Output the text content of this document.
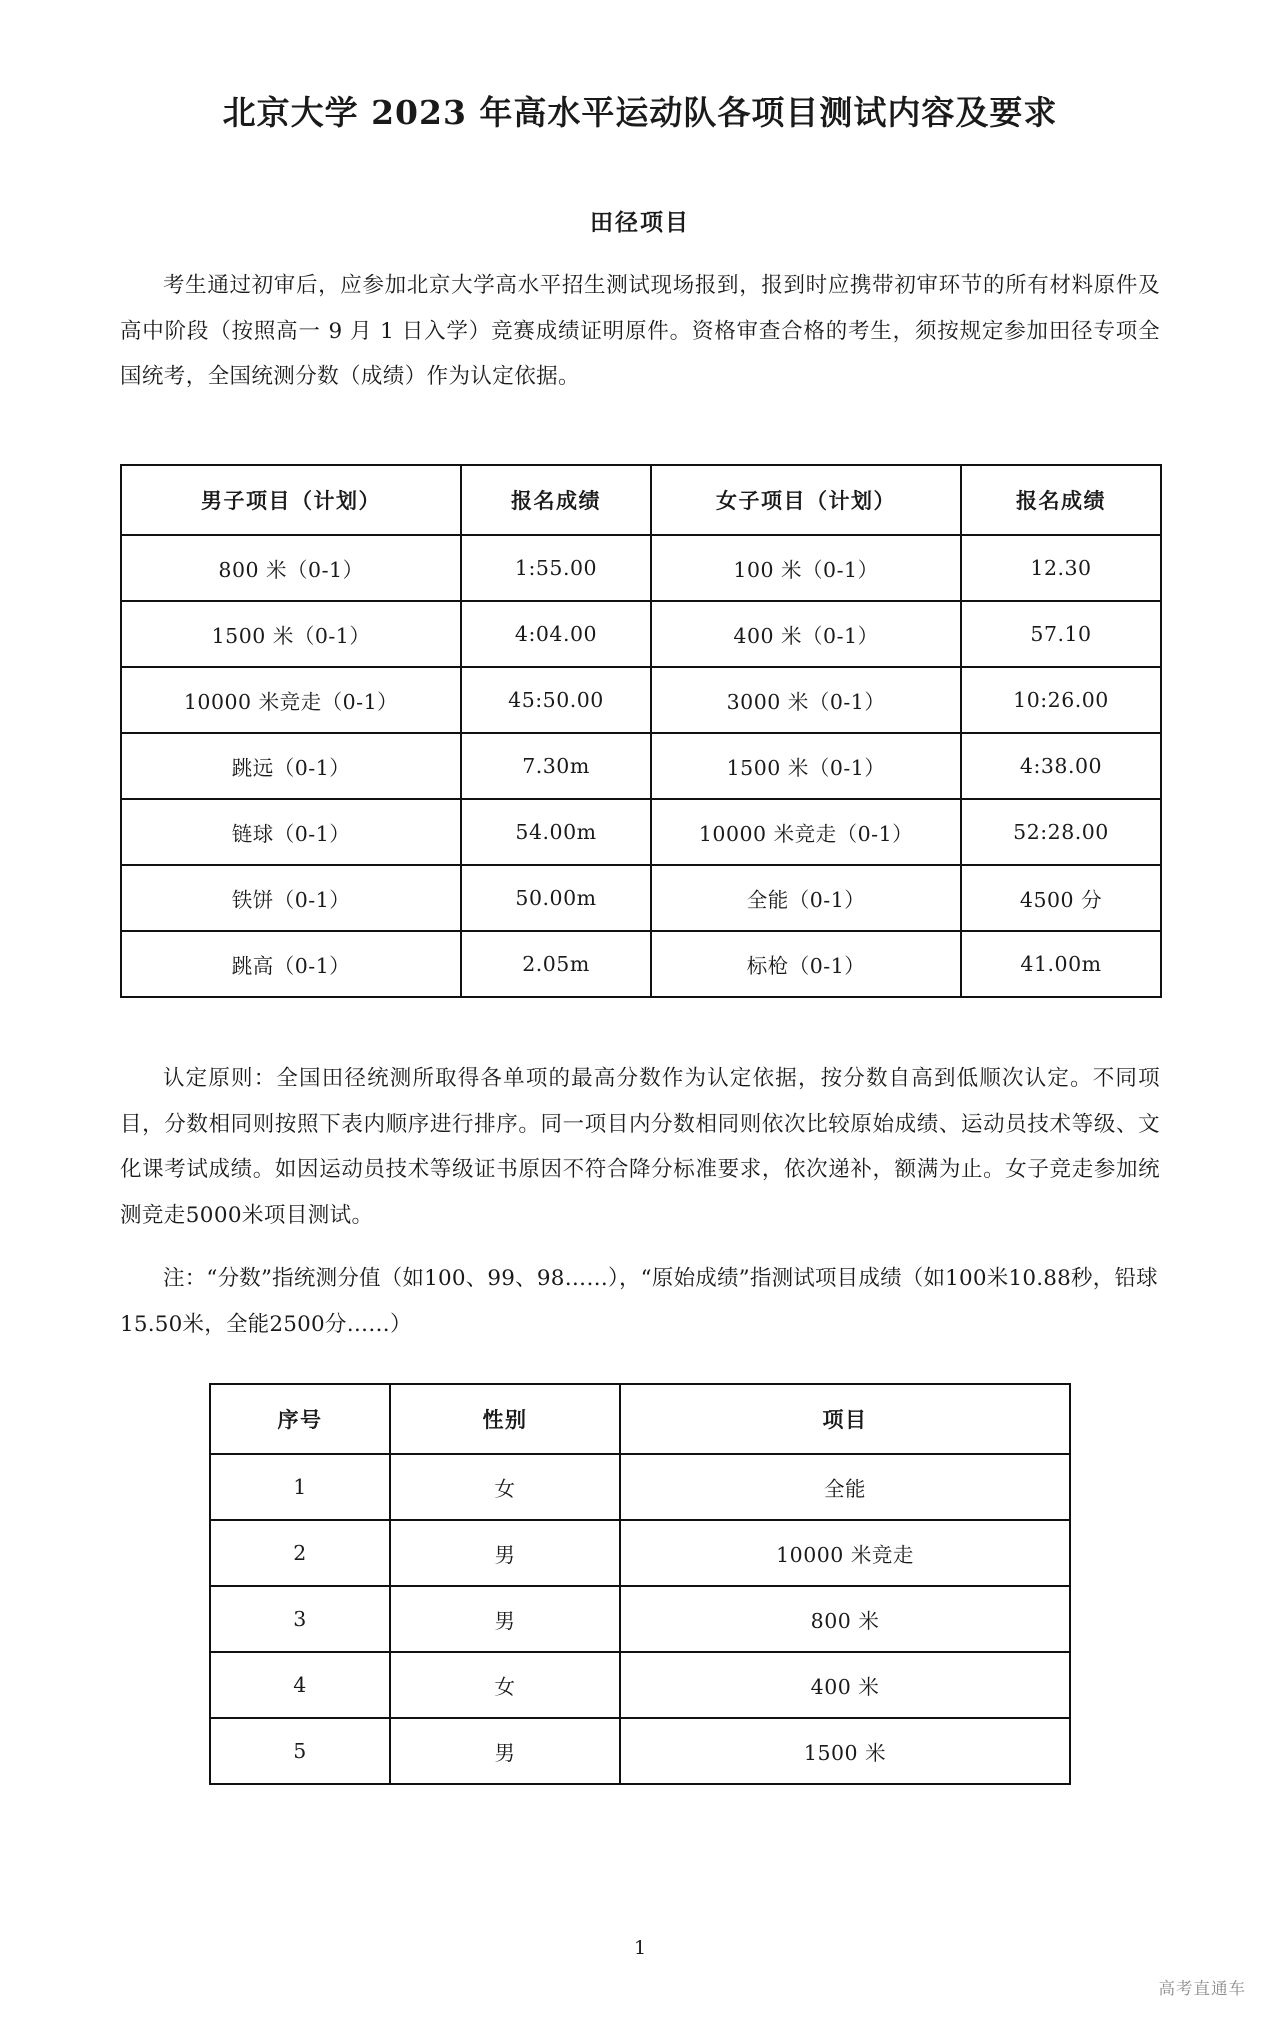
北京大学 2023 年高水平运动队各项目测试内容及要求
田径项目

考生通过初审后，应参加北京大学高水平招生测试现场报到，报到时应携带初审环节的所有材料原件及高中阶段（按照高一 9 月 1 日入学）竞赛成绩证明原件。资格审查合格的考生，须按规定参加田径专项全国统考，全国统测分数（成绩）作为认定依据。

男子项目（计划）	报名成绩	女子项目（计划）	报名成绩
800 米（0-1）	1:55.00	100 米（0-1）	12.30
1500 米（0-1）	4:04.00	400 米（0-1）	57.10
10000 米竞走（0-1）	45:50.00	3000 米（0-1）	10:26.00
跳远（0-1）	7.30m	1500 米（0-1）	4:38.00
链球（0-1）	54.00m	10000 米竞走（0-1）	52:28.00
铁饼（0-1）	50.00m	全能（0-1）	4500 分
跳高（0-1）	2.05m	标枪（0-1）	41.00m

认定原则：全国田径统测所取得各单项的最高分数作为认定依据，按分数自高到低顺次认定。不同项目，分数相同则按照下表内顺序进行排序。同一项目内分数相同则依次比较原始成绩、运动员技术等级、文化课考试成绩。如因运动员技术等级证书原因不符合降分标准要求，依次递补，额满为止。女子竞走参加统测竞走5000米项目测试。

注：“分数”指统测分值（如100、99、98……），“原始成绩”指测试项目成绩（如100米10.88秒，铅球15.50米，全能2500分……）

序号	性别	项目
1	女	全能
2	男	10000 米竞走
3	男	800 米
4	女	400 米
5	男	1500 米
1
高考直通车
